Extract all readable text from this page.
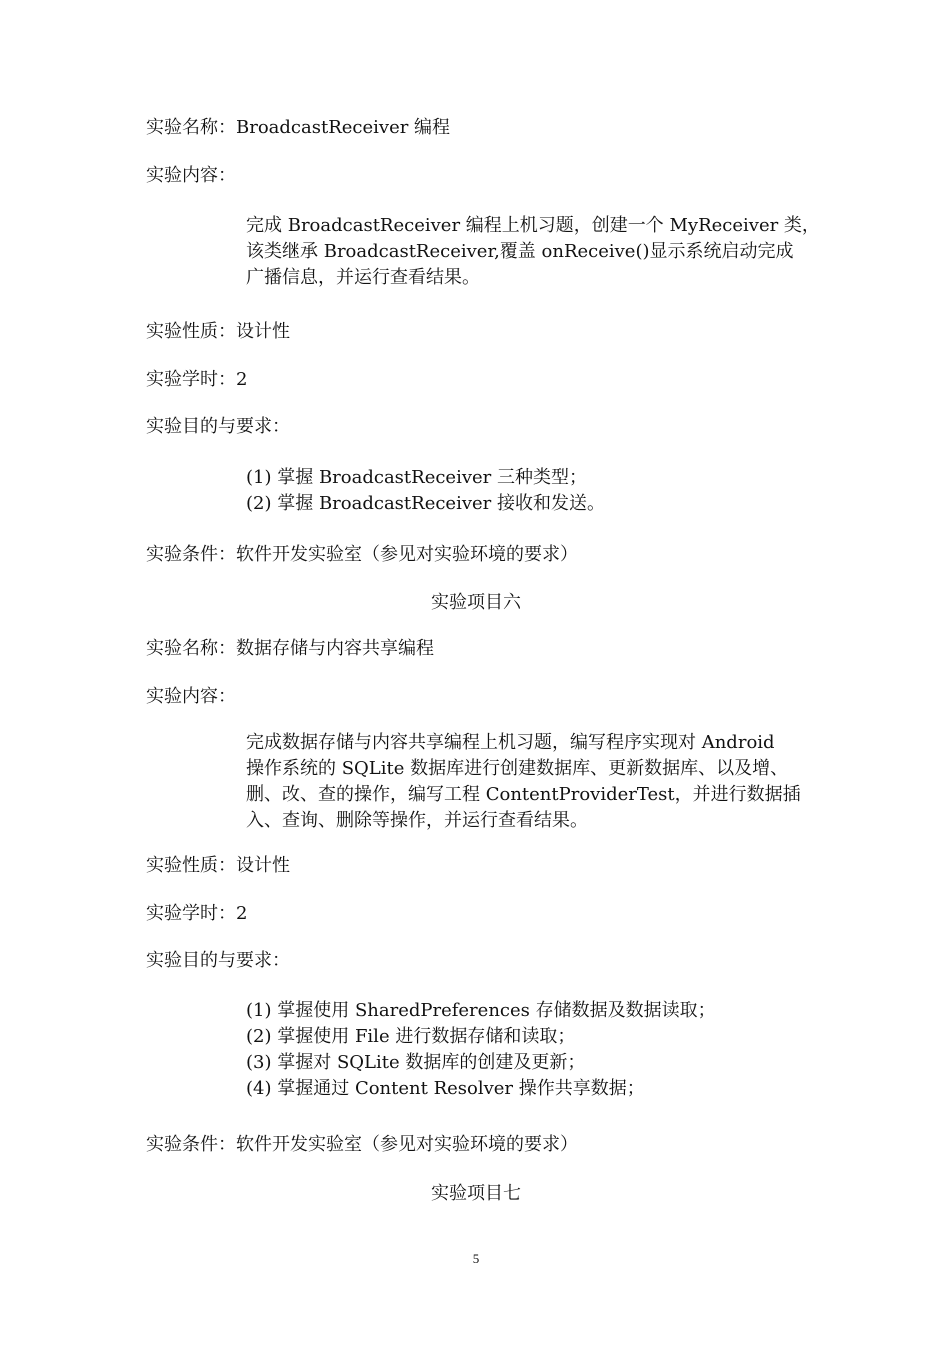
实验名称：BroadcastReceiver 编程
实验内容：
完成 BroadcastReceiver 编程上机习题，创建一个 MyReceiver 类，
该类继承 BroadcastReceiver,覆盖 onReceive()显示系统启动完成
广播信息，并运行查看结果。
实验性质：设计性
实验学时：2
实验目的与要求：
(1) 掌握 BroadcastReceiver 三种类型；
(2) 掌握 BroadcastReceiver 接收和发送。
实验条件：软件开发实验室（参见对实验环境的要求）
实验项目六
实验名称：数据存储与内容共享编程
实验内容：
完成数据存储与内容共享编程上机习题，编写程序实现对 Android
操作系统的 SQLite 数据库进行创建数据库、更新数据库、以及增、
删、改、查的操作，编写工程 ContentProviderTest，并进行数据插
入、查询、删除等操作，并运行查看结果。
实验性质：设计性
实验学时：2
实验目的与要求：
(1) 掌握使用 SharedPreferences 存储数据及数据读取；
(2) 掌握使用 File 进行数据存储和读取；
(3) 掌握对 SQLite 数据库的创建及更新；
(4) 掌握通过 Content Resolver 操作共享数据；
实验条件：软件开发实验室（参见对实验环境的要求）
实验项目七
5
